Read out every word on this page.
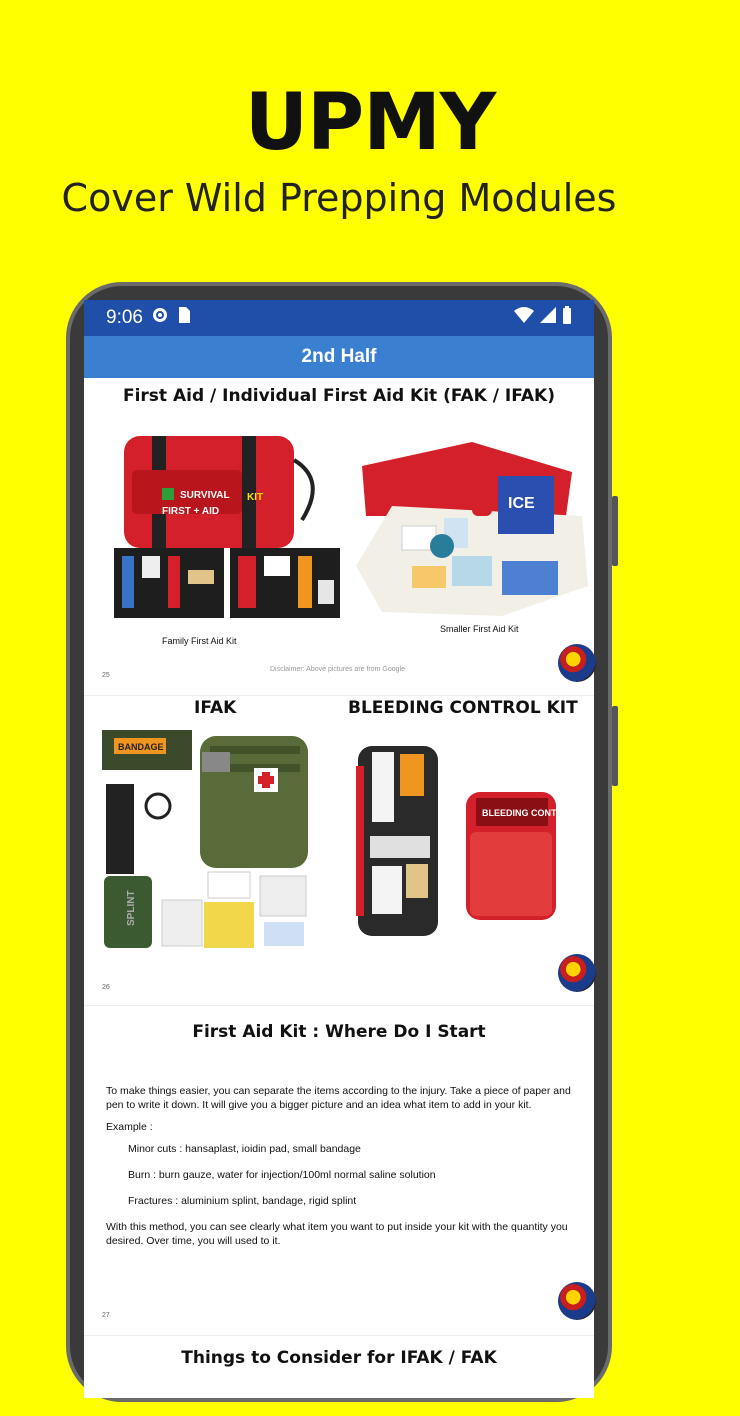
UPMY
Cover Wild Prepping Modules
9:06
2nd Half
First Aid / Individual First Aid Kit (FAK / IFAK)
SURVIVAL
FIRST + AID
KIT
Family First Aid Kit
ICE
Smaller First Aid Kit
Disclaimer: Above pictures are from Google
25
IFAK	BLEEDING CONTROL KIT
BANDAGE
SPLINT
BLEEDING CONTROL
26
First Aid Kit : Where Do I Start

To make things easier, you can separate the items according to the injury. Take a piece of paper and pen to write it down. It will give you a bigger picture and an idea what item to add in your kit.

Example :

Minor cuts : hansaplast, ioidin pad, small bandage

Burn : burn gauze, water for injection/100ml normal saline solution

Fractures : aluminium splint, bandage, rigid splint

With this method, you can see clearly what item you want to put inside your kit with the quantity you desired. Over time, you will used to it.

27
Things to Consider for IFAK / FAK
